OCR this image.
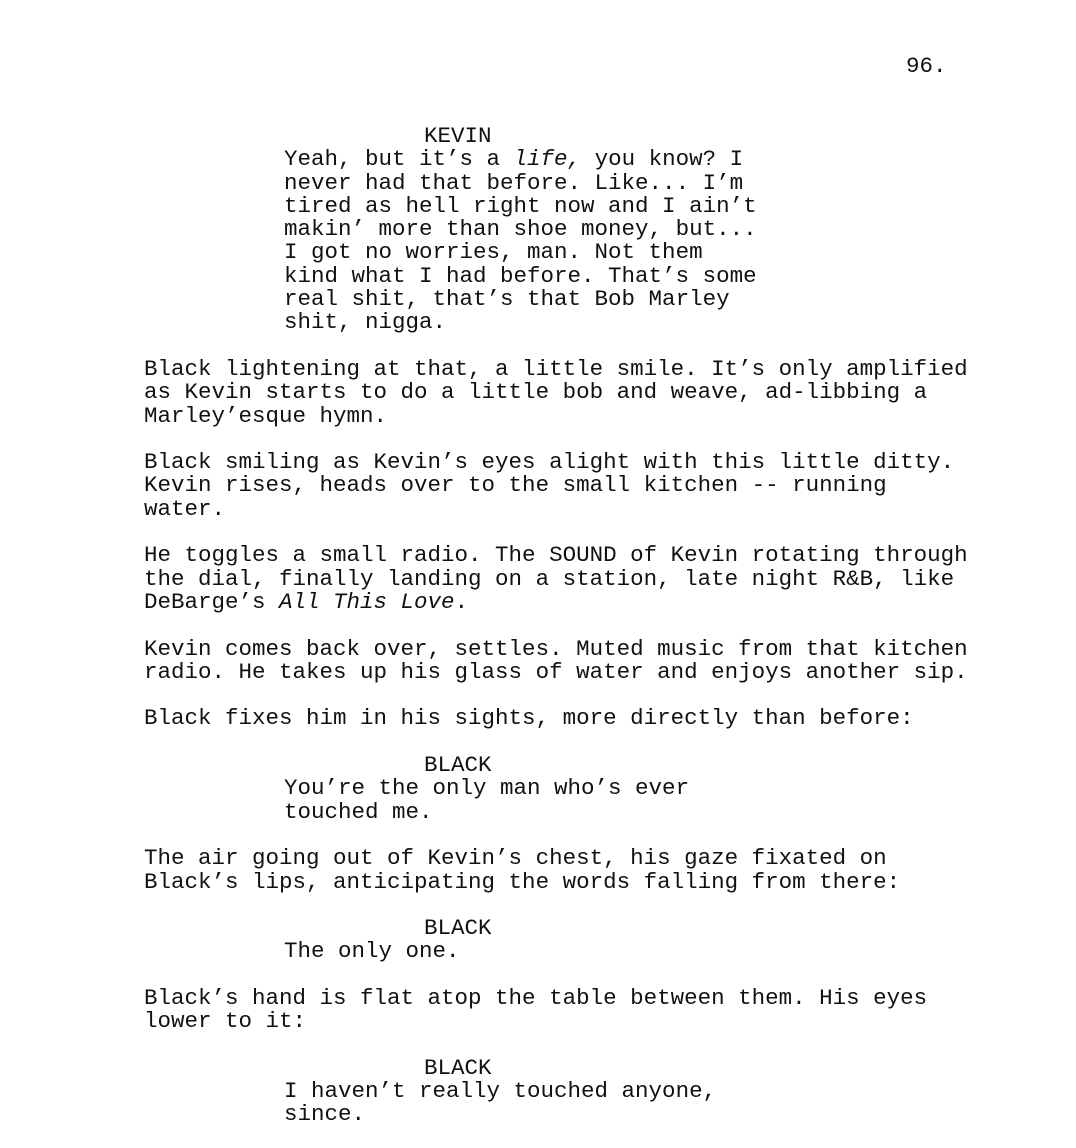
96.
KEVIN
Yeah, but it’s a life, you know? I
never had that before. Like... I’m
tired as hell right now and I ain’t
makin’ more than shoe money, but...
I got no worries, man. Not them
kind what I had before. That’s some
real shit, that’s that Bob Marley
shit, nigga.
Black lightening at that, a little smile. It’s only amplified
as Kevin starts to do a little bob and weave, ad-libbing a
Marley’esque hymn.
Black smiling as Kevin’s eyes alight with this little ditty.
Kevin rises, heads over to the small kitchen -- running
water.
He toggles a small radio. The SOUND of Kevin rotating through
the dial, finally landing on a station, late night R&B, like
DeBarge’s All This Love.
Kevin comes back over, settles. Muted music from that kitchen
radio. He takes up his glass of water and enjoys another sip.
Black fixes him in his sights, more directly than before:
BLACK
You’re the only man who’s ever
touched me.
The air going out of Kevin’s chest, his gaze fixated on
Black’s lips, anticipating the words falling from there:
BLACK
The only one.
Black’s hand is flat atop the table between them. His eyes
lower to it:
BLACK
I haven’t really touched anyone,
since.
